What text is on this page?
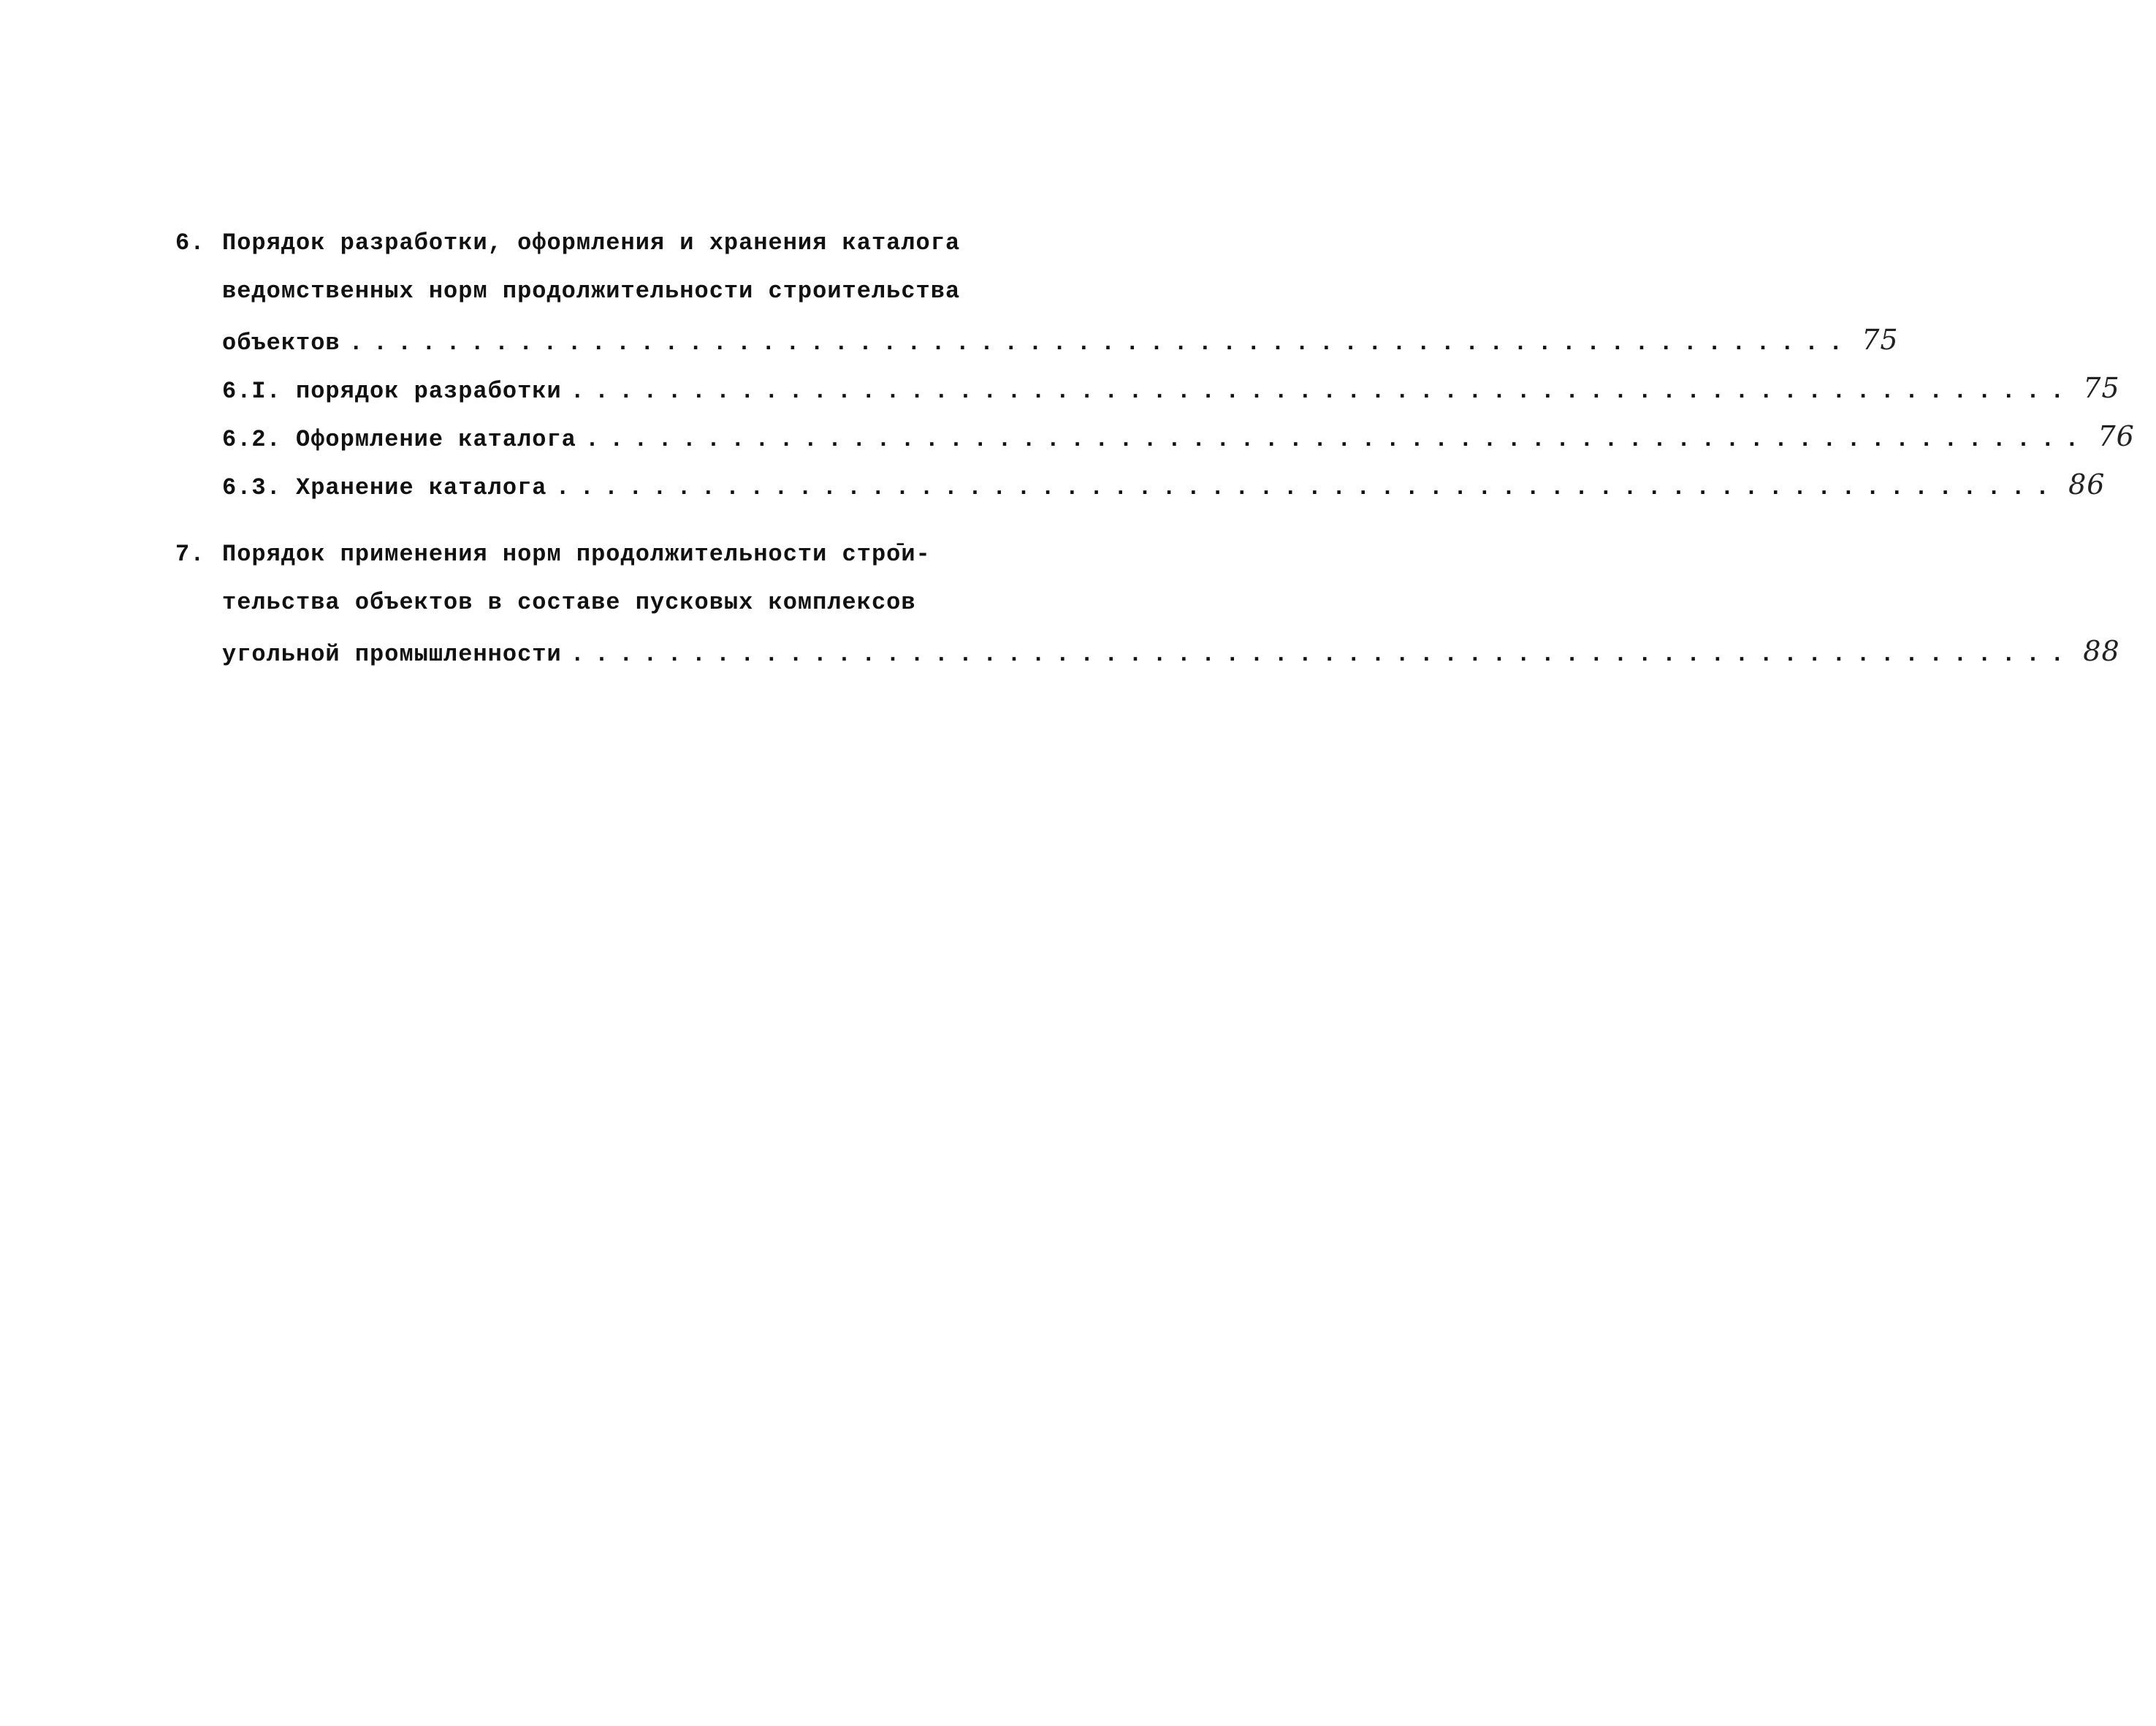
6. Порядок разработки, оформления и хранения каталога
ведомственных норм продолжительности строительства
объектов .............................................................. 75
6.I. порядок разработки .............................................................. 75
6.2. Оформление каталога .............................................................. 76
6.3. Хранение каталога .............................................................. 86
7. Порядок применения норм продолжительности стро̄и-
тельства объектов в составе пусковых комплексов
угольной промышленности .............................................................. 88
